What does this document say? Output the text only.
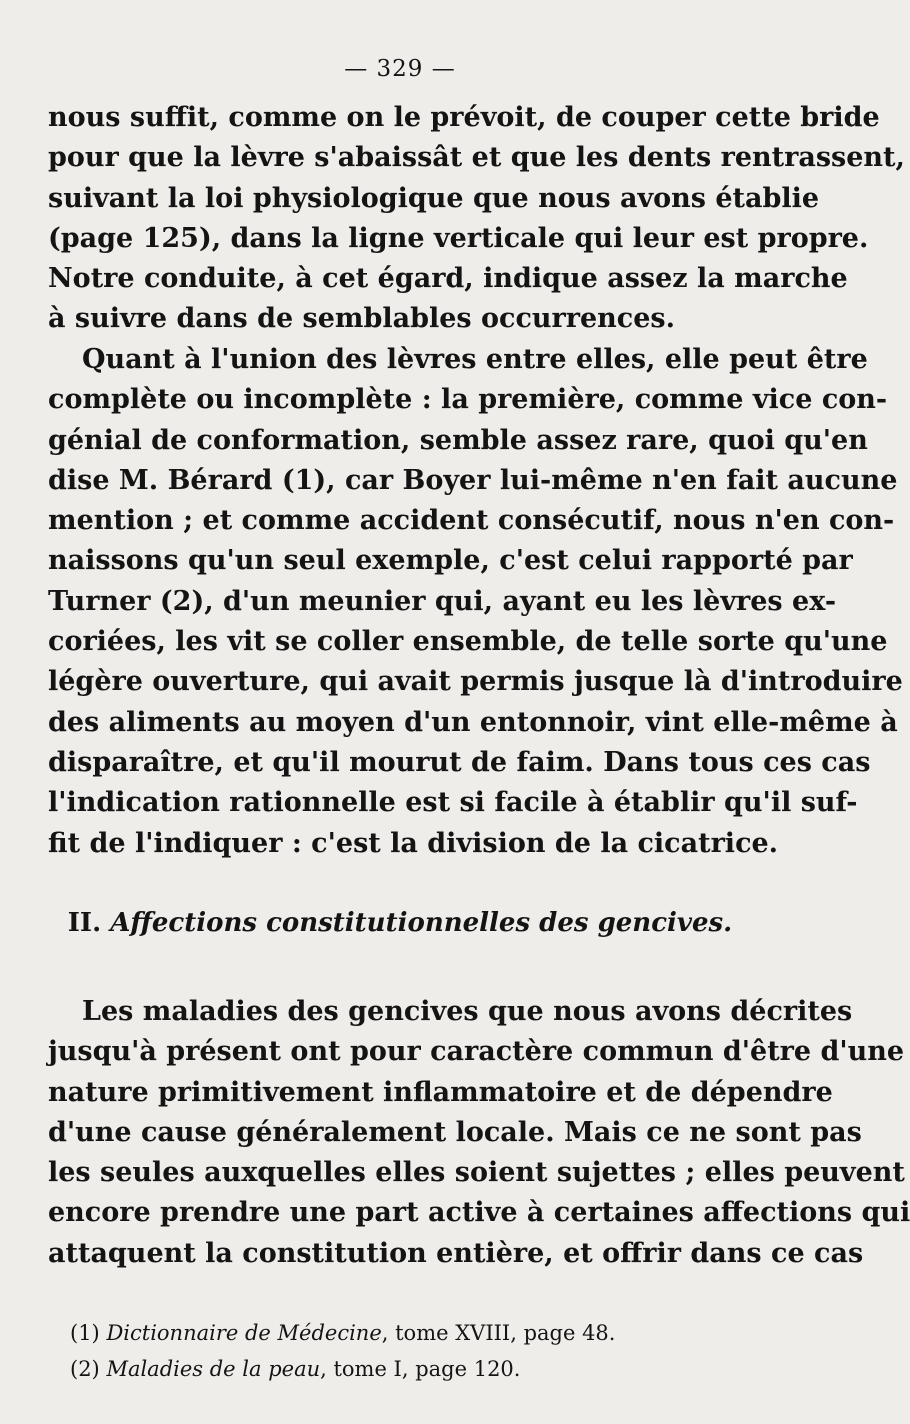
— 329 —
nous suffit, comme on le prévoit, de couper cette bride
pour que la lèvre s'abaissât et que les dents rentrassent,
suivant la loi physiologique que nous avons établie
(page 125), dans la ligne verticale qui leur est propre.
Notre conduite, à cet égard, indique assez la marche
à suivre dans de semblables occurrences.
Quant à l'union des lèvres entre elles, elle peut être
complète ou incomplète : la première, comme vice con-
génial de conformation, semble assez rare, quoi qu'en
dise M. Bérard (1), car Boyer lui-même n'en fait aucune
mention ; et comme accident consécutif, nous n'en con-
naissons qu'un seul exemple, c'est celui rapporté par
Turner (2), d'un meunier qui, ayant eu les lèvres ex-
coriées, les vit se coller ensemble, de telle sorte qu'une
légère ouverture, qui avait permis jusque là d'introduire
des aliments au moyen d'un entonnoir, vint elle-même à
disparaître, et qu'il mourut de faim. Dans tous ces cas
l'indication rationnelle est si facile à établir qu'il suf-
fit de l'indiquer : c'est la division de la cicatrice.
II. Affections constitutionnelles des gencives.
Les maladies des gencives que nous avons décrites
jusqu'à présent ont pour caractère commun d'être d'une
nature primitivement inflammatoire et de dépendre
d'une cause généralement locale. Mais ce ne sont pas
les seules auxquelles elles soient sujettes ; elles peuvent
encore prendre une part active à certaines affections qui
attaquent la constitution entière, et offrir dans ce cas
(1) Dictionnaire de Médecine, tome XVIII, page 48.
(2) Maladies de la peau, tome I, page 120.
